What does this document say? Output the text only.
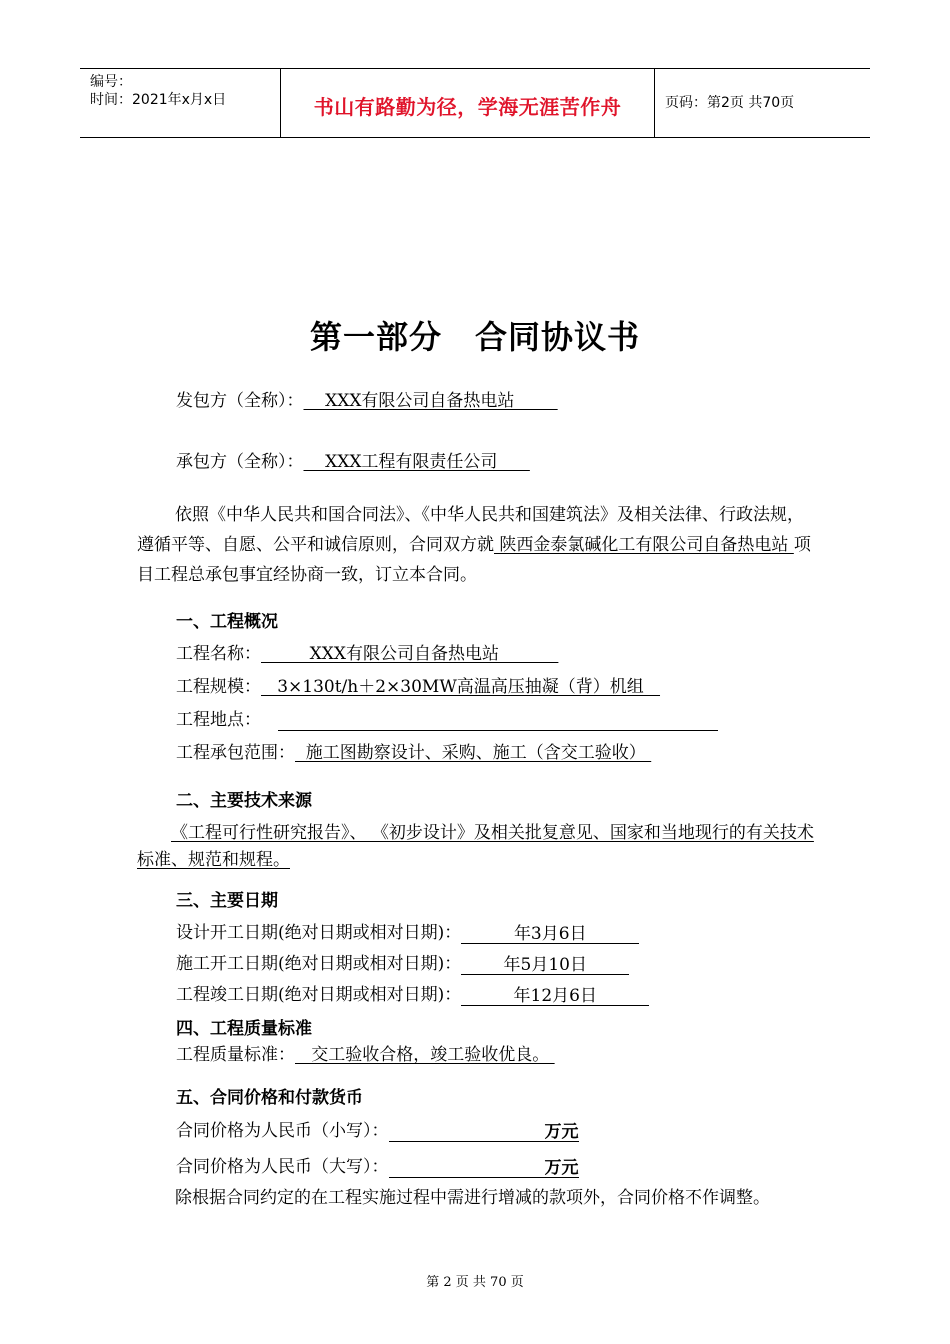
编号：
时间：2021年x月x日	书山有路勤为径，学海无涯苦作舟	页码：第2页 共70页
第一部分　合同协议书
发包方（全称）：    XXX有限公司自备热电站
承包方（全称）：    XXX工程有限责任公司
依照《中华人民共和国合同法》、《中华人民共和国建筑法》及相关法律、行政法规，遵循平等、自愿、公平和诚信原则，合同双方就 陕西金泰氯碱化工有限公司自备热电站 项目工程总承包事宜经协商一致，订立本合同。
一、工程概况
工程名称：         XXX有限公司自备热电站
工程规模：   3×130t/h＋2×30MW高温高压抽凝（背）机组
工程地点：
工程承包范围：  施工图勘察设计、采购、施工（含交工验收）
二、主要技术来源
《工程可行性研究报告》、 《初步设计》及相关批复意见、国家和当地现行的有关技术标准、规范和规程。
三、主要日期
设计开工日期(绝对日期或相对日期)：	年3月6日
施工开工日期(绝对日期或相对日期)： 年5月10日
工程竣工日期(绝对日期或相对日期)：	年12月6日
四、工程质量标准
工程质量标准：   交工验收合格，竣工验收优良。
五、合同价格和付款货币
合同价格为人民币（小写）：	万元
合同价格为人民币（大写）：	万元
除根据合同约定的在工程实施过程中需进行增减的款项外，合同价格不作调整。
第 2 页 共 70 页
